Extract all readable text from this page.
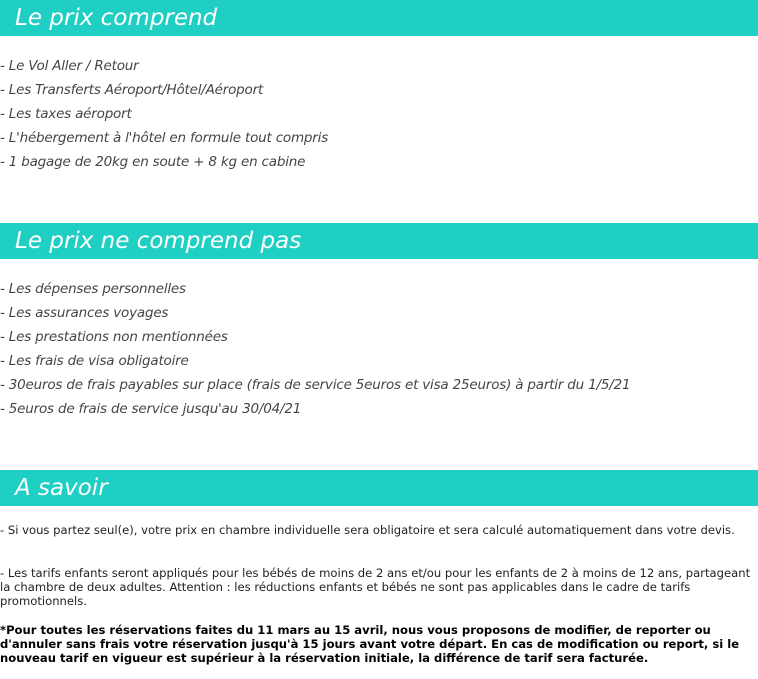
Le prix comprend
- Le Vol Aller / Retour
- Les Transferts Aéroport/Hôtel/Aéroport
- Les taxes aéroport
- L'hébergement à l'hôtel en formule tout compris
- 1 bagage de 20kg en soute + 8 kg en cabine
Le prix ne comprend pas
- Les dépenses personnelles
- Les assurances voyages
- Les prestations non mentionnées
- Les frais de visa obligatoire
- 30euros de frais payables sur place (frais de service 5euros et visa 25euros) à partir du 1/5/21
- 5euros de frais de service jusqu'au 30/04/21
A savoir

- Si vous partez seul(e), votre prix en chambre individuelle sera obligatoire et sera calculé automatiquement dans votre devis.

- Les tarifs enfants seront appliqués pour les bébés de moins de 2 ans et/ou pour les enfants de 2 à moins de 12 ans, partageant la chambre de deux adultes. Attention : les réductions enfants et bébés ne sont pas applicables dans le cadre de tarifs promotionnels.

*Pour toutes les réservations faites du 11 mars au 15 avril, nous vous proposons de modifier, de reporter ou d'annuler sans frais votre réservation jusqu'à 15 jours avant votre départ. En cas de modification ou report, si le nouveau tarif en vigueur est supérieur à la réservation initiale, la différence de tarif sera facturée.
